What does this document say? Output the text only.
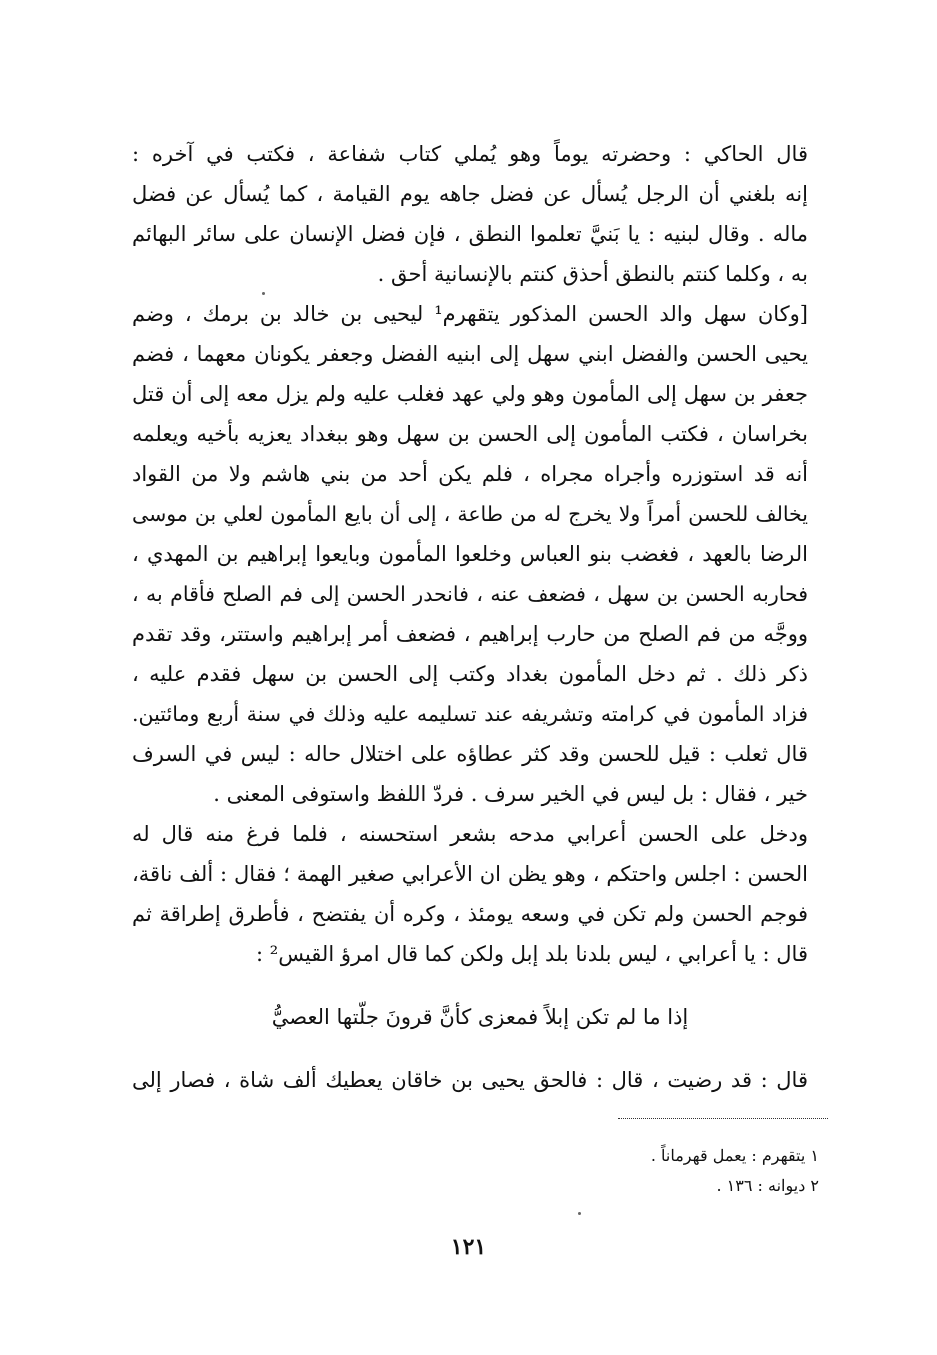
قال الحاكي : وحضرته يوماً وهو يُملي كتاب شفاعة ، فكتب في آخره :
إنه بلغني أن الرجل يُسأل عن فضل جاهه يوم القيامة ، كما يُسأل عن فضل
ماله . وقال لبنيه : يا بَنيَّ تعلموا النطق ، فإن فضل الإنسان على سائر البهائم
به ، وكلما كنتم بالنطق أحذق كنتم بالإنسانية أحق .
[وكان سهل والد الحسن المذكور يتقهرم¹ ليحيى بن خالد بن برمك ، وضم
يحيى الحسن والفضل ابني سهل إلى ابنيه الفضل وجعفر يكونان معهما ، فضم
جعفر بن سهل إلى المأمون وهو ولي عهد فغلب عليه ولم يزل معه إلى أن قتل
بخراسان ، فكتب المأمون إلى الحسن بن سهل وهو ببغداد يعزيه بأخيه ويعلمه
أنه قد استوزره وأجراه مجراه ، فلم يكن أحد من بني هاشم ولا من القواد
يخالف للحسن أمراً ولا يخرج له من طاعة ، إلى أن بايع المأمون لعلي بن موسى
الرضا بالعهد ، فغضب بنو العباس وخلعوا المأمون وبايعوا إبراهيم بن المهدي ،
فحاربه الحسن بن سهل ، فضعف عنه ، فانحدر الحسن إلى فم الصلح فأقام به ،
ووجَّه من فم الصلح من حارب إبراهيم ، فضعف أمر إبراهيم واستتر، وقد تقدم
ذكر ذلك . ثم دخل المأمون بغداد وكتب إلى الحسن بن سهل فقدم عليه ،
فزاد المأمون في كرامته وتشريفه عند تسليمه عليه وذلك في سنة أربع ومائتين.
قال ثعلب : قيل للحسن وقد كثر عطاؤه على اختلال حاله : ليس في السرف
خير ، فقال : بل ليس في الخير سرف . فردّ اللفظ واستوفى المعنى .
ودخل على الحسن أعرابي مدحه بشعر استحسنه ، فلما فرغ منه قال له
الحسن : اجلس واحتكم ، وهو يظن ان الأعرابي صغير الهمة ؛ فقال : ألف ناقة،
فوجم الحسن ولم تكن في وسعه يومئذ ، وكره أن يفتضح ، فأطرق إطراقة ثم
قال : يا أعرابي ، ليس بلدنا بلد إبل ولكن كما قال امرؤ القيس² :
إذا ما لم تكن إبلاً فمعزى كأنَّ قرونَ جلّتها العصيُّ
قال : قد رضيت ، قال : فالحق يحيى بن خاقان يعطيك ألف شاة ، فصار إلى
١ يتقهرم : يعمل قهرماناً .
٢ ديوانه : ١٣٦ .
١٢١
